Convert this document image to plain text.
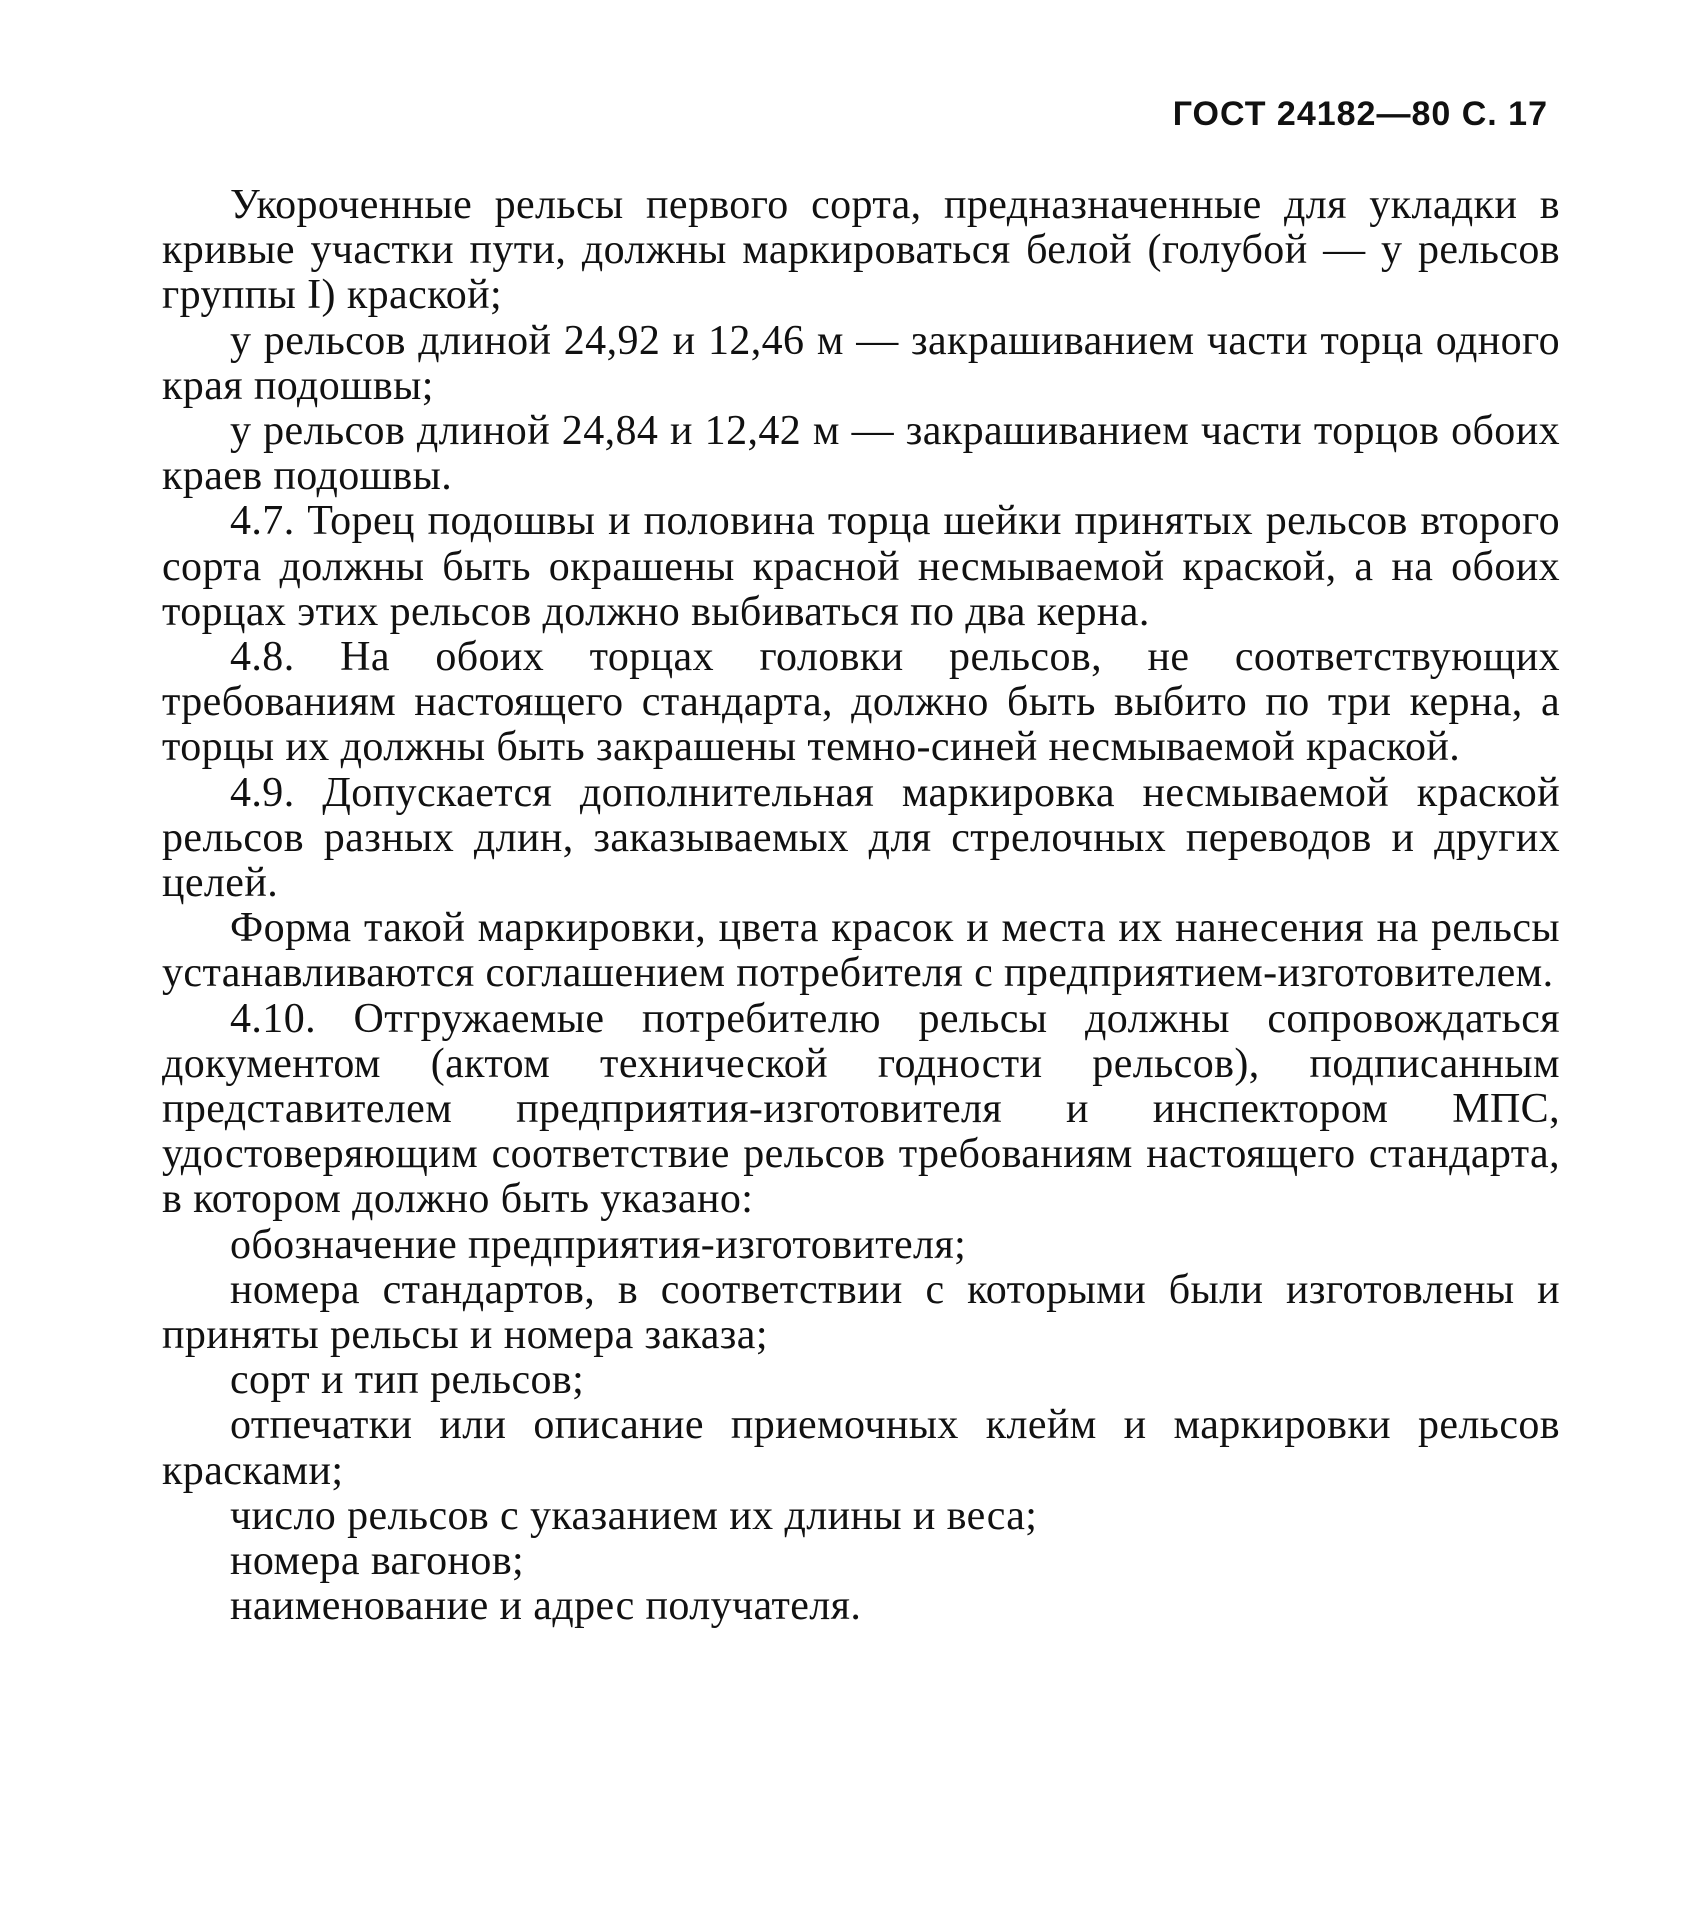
ГОСТ 24182—80 С. 17

Укороченные рельсы первого сорта, предназначенные для укладки в кривые участки пути, должны маркироваться белой (голубой — у рельсов группы I) краской;

у рельсов длиной 24,92 и 12,46 м — закрашиванием части торца одного края подошвы;

у рельсов длиной 24,84 и 12,42 м — закрашиванием части торцов обоих краев подошвы.

4.7. Торец подошвы и половина торца шейки принятых рельсов второго сорта должны быть окрашены красной несмываемой краской, а на обоих торцах этих рельсов должно выбиваться по два керна.

4.8. На обоих торцах головки рельсов, не соответствующих требованиям настоящего стандарта, должно быть выбито по три керна, а торцы их должны быть закрашены темно-синей несмываемой краской.

4.9. Допускается дополнительная маркировка несмываемой краской рельсов разных длин, заказываемых для стрелочных переводов и других целей.

Форма такой маркировки, цвета красок и места их нанесения на рельсы устанавливаются соглашением потребителя с предприятием-изготовителем.

4.10. Отгружаемые потребителю рельсы должны сопровождаться документом (актом технической годности рельсов), подписанным представителем предприятия-изготовителя и инспектором МПС, удостоверяющим соответствие рельсов требованиям настоящего стандарта, в котором должно быть указано:

обозначение предприятия-изготовителя;

номера стандартов, в соответствии с которыми были изготовлены и приняты рельсы и номера заказа;

сорт и тип рельсов;

отпечатки или описание приемочных клейм и маркировки рельсов красками;

число рельсов с указанием их длины и веса;

номера вагонов;

наименование и адрес получателя.
